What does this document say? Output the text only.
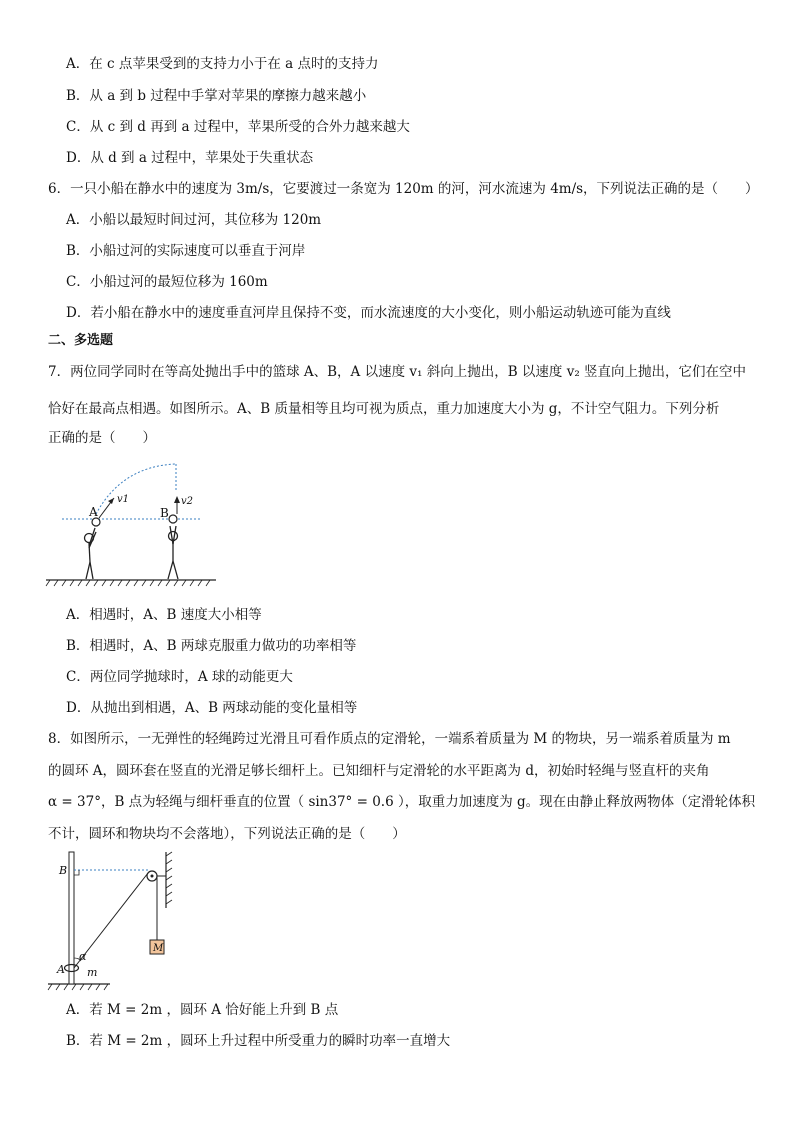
A．在 c 点苹果受到的支持力小于在 a 点时的支持力
B．从 a 到 b 过程中手掌对苹果的摩擦力越来越小
C．从 c 到 d 再到 a 过程中，苹果所受的合外力越来越大
D．从 d 到 a 过程中，苹果处于失重状态
6．一只小船在静水中的速度为 3m/s，它要渡过一条宽为 120m 的河，河水流速为 4m/s，下列说法正确的是（　　）
A．小船以最短时间过河，其位移为 120m
B．小船过河的实际速度可以垂直于河岸
C．小船过河的最短位移为 160m
D．若小船在静水中的速度垂直河岸且保持不变，而水流速度的大小变化，则小船运动轨迹可能为直线
二、多选题
7．两位同学同时在等高处抛出手中的篮球 A、B，A 以速度 v₁ 斜向上抛出，B 以速度 v₂ 竖直向上抛出，它们在空中
恰好在最高点相遇。如图所示。A、B 质量相等且均可视为质点，重力加速度大小为 g，不计空气阻力。下列分析
正确的是（　　）
A	B
v1	v2
A．相遇时，A、B 速度大小相等
B．相遇时，A、B 两球克服重力做功的功率相等
C．两位同学抛球时，A 球的动能更大
D．从抛出到相遇，A、B 两球动能的变化量相等
8．如图所示，一无弹性的轻绳跨过光滑且可看作质点的定滑轮，一端系着质量为 M 的物块，另一端系着质量为 m
的圆环 A，圆环套在竖直的光滑足够长细杆上。已知细杆与定滑轮的水平距离为 d，初始时轻绳与竖直杆的夹角
α = 37°，B 点为轻绳与细杆垂直的位置（ sin37° = 0.6 ），取重力加速度为 g。现在由静止释放两物体（定滑轮体积
不计，圆环和物块均不会落地），下列说法正确的是（　　）
B
A
α
m
M
A．若 M = 2m ，圆环 A 恰好能上升到 B 点
B．若 M = 2m ，圆环上升过程中所受重力的瞬时功率一直增大
